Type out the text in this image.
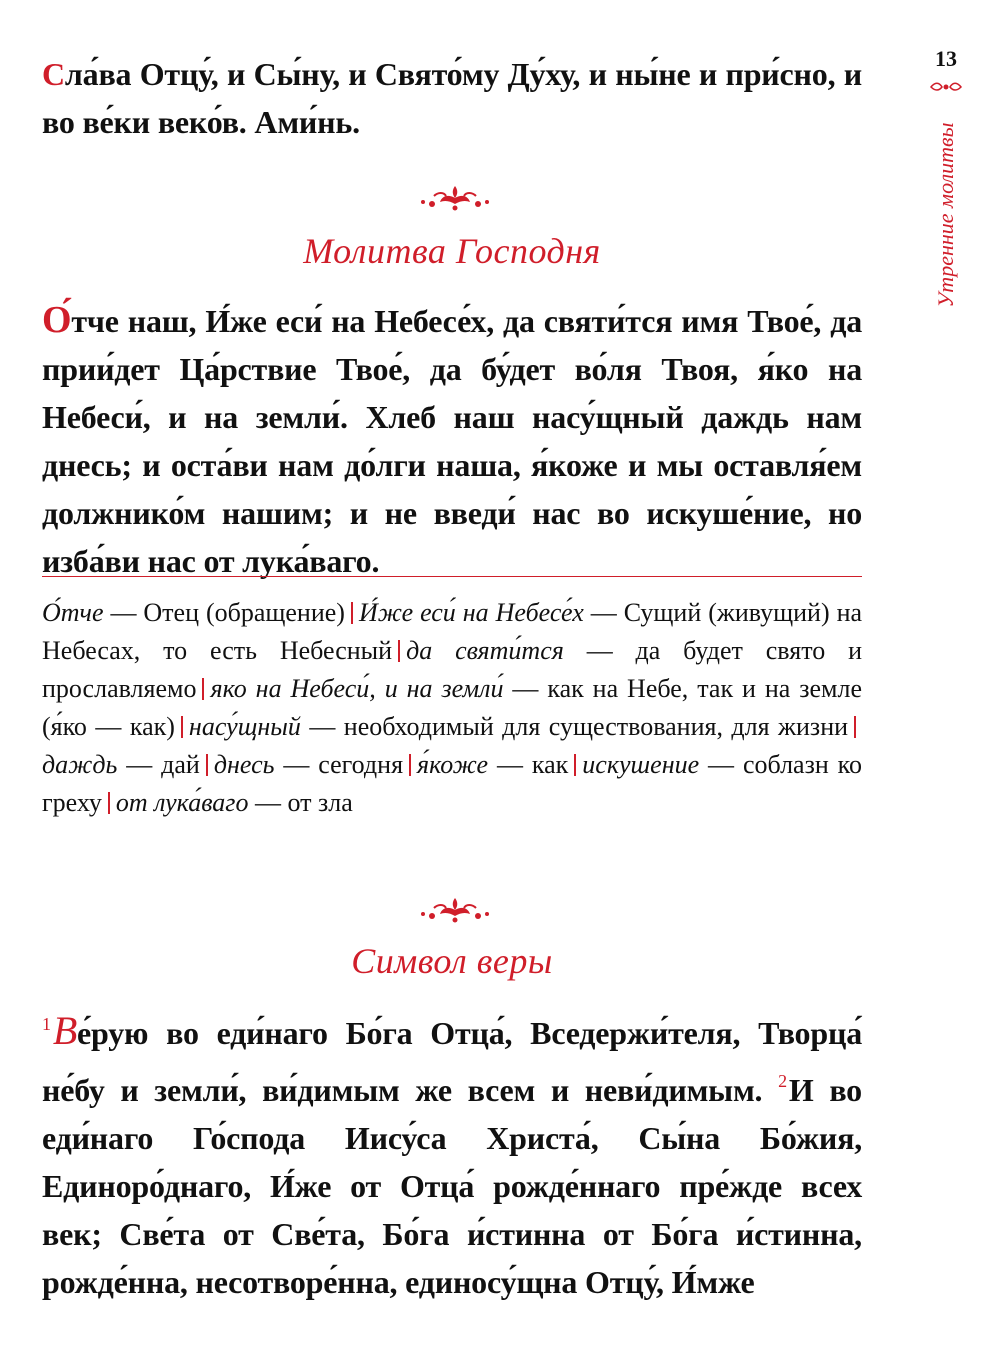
13
Утренние молитвы
Сла́ва Отцу́, и Сы́ну, и Свято́му Ду́ху, и ны́не и при́сно, и во ве́ки веко́в. Ами́нь.
Молитва Господня
О́тче наш, И́же еси́ на Небесе́х, да святи́тся имя Твое́, да прии́дет Ца́рствие Твое́, да бу́дет во́ля Твоя, я́ко на Небеси́, и на земли́. Хлеб наш насу́щный даждь нам днесь; и оста́ви нам до́лги наша, я́коже и мы оставля́ем должнико́м нашим; и не введи́ нас во искуше́ние, но изба́ви нас от лука́ваго.
О́тче — Отец (обращение) И́же еси́ на Небесе́х — Сущий (живущий) на Небесах, то есть Небесный да святи́тся — да будет свято и прославляемо яко на Небеси́, и на земли́ — как на Небе, так и на земле (я́ко — как) насу́щный — необходимый для существования, для жизнидаждь — дай днесь — сегодня я́коже — как искушение — соблазн ко греху от лука́ваго — от зла
Символ веры
$^1$Ве́рую во еди́наго Бо́га Отца́, Вседержи́теля, Творца́ не́бу и земли́, ви́димым же всем и неви́димым. $^2$И во еди́наго Го́спода Иису́са Христа́, Сы́на Бо́жия, Единоро́днаго, И́же от Отца́ рожде́ннаго пре́жде всех век; Све́та от Све́та, Бо́га и́стинна от Бо́га и́стинна, рожде́нна, несотворе́нна, единосу́щна Отцу́, И́мже
